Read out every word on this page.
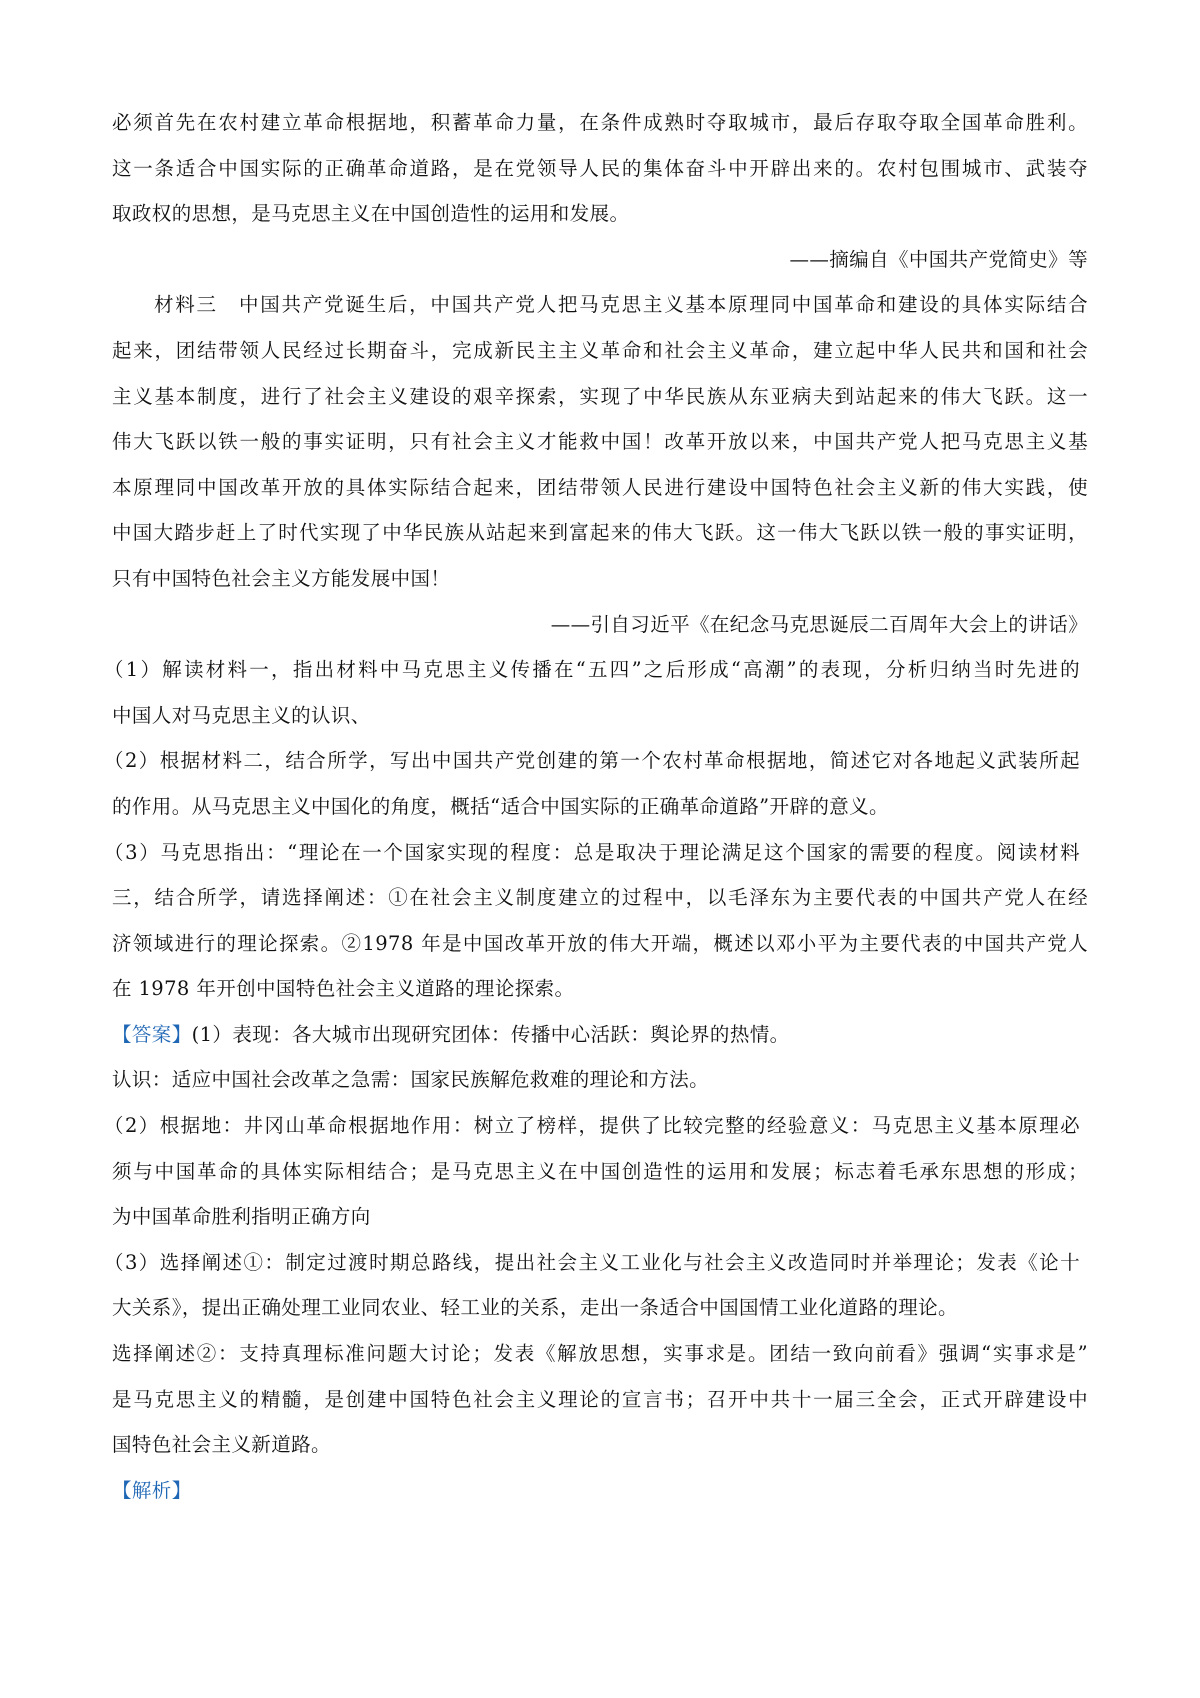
必须首先在农村建立革命根据地，积蓄革命力量，在条件成熟时夺取城市，最后存取夺取全国革命胜利。

这一条适合中国实际的正确革命道路，是在党领导人民的集体奋斗中开辟出来的。农村包围城市、武装夺

取政权的思想，是马克思主义在中国创造性的运用和发展。

——摘编自《中国共产党简史》等

材料三　中国共产党诞生后，中国共产党人把马克思主义基本原理同中国革命和建设的具体实际结合

起来，团结带领人民经过长期奋斗，完成新民主主义革命和社会主义革命，建立起中华人民共和国和社会

主义基本制度，进行了社会主义建设的艰辛探索，实现了中华民族从东亚病夫到站起来的伟大飞跃。这一

伟大飞跃以铁一般的事实证明，只有社会主义才能救中国！改革开放以来，中国共产党人把马克思主义基

本原理同中国改革开放的具体实际结合起来，团结带领人民进行建设中国特色社会主义新的伟大实践，使

中国大踏步赶上了时代实现了中华民族从站起来到富起来的伟大飞跃。这一伟大飞跃以铁一般的事实证明，

只有中国特色社会主义方能发展中国！

——引自习近平《在纪念马克思诞辰二百周年大会上的讲话》

（1）解读材料一，指出材料中马克思主义传播在“五四”之后形成“高潮”的表现，分析归纳当时先进的

中国人对马克思主义的认识、

（2）根据材料二，结合所学，写出中国共产党创建的第一个农村革命根据地，简述它对各地起义武装所起

的作用。从马克思主义中国化的角度，概括“适合中国实际的正确革命道路”开辟的意义。

（3）马克思指出：“理论在一个国家实现的程度：总是取决于理论满足这个国家的需要的程度。阅读材料

三，结合所学，请选择阐述：①在社会主义制度建立的过程中，以毛泽东为主要代表的中国共产党人在经

济领域进行的理论探索。②1978 年是中国改革开放的伟大开端，概述以邓小平为主要代表的中国共产党人

在 1978 年开创中国特色社会主义道路的理论探索。

【答案】(1）表现：各大城市出现研究团体：传播中心活跃：舆论界的热情。

认识：适应中国社会改革之急需：国家民族解危救难的理论和方法。

（2）根据地：井冈山革命根据地作用：树立了榜样，提供了比较完整的经验意义：马克思主义基本原理必

须与中国革命的具体实际相结合；是马克思主义在中国创造性的运用和发展；标志着毛承东思想的形成；

为中国革命胜利指明正确方向

（3）选择阐述①：制定过渡时期总路线，提出社会主义工业化与社会主义改造同时并举理论；发表《论十

大关系》，提出正确处理工业同农业、轻工业的关系，走出一条适合中国国情工业化道路的理论。

选择阐述②：支持真理标准问题大讨论；发表《解放思想，实事求是。团结一致向前看》强调“实事求是”

是马克思主义的精髓，是创建中国特色社会主义理论的宣言书；召开中共十一届三全会，正式开辟建设中

国特色社会主义新道路。

【解析】
